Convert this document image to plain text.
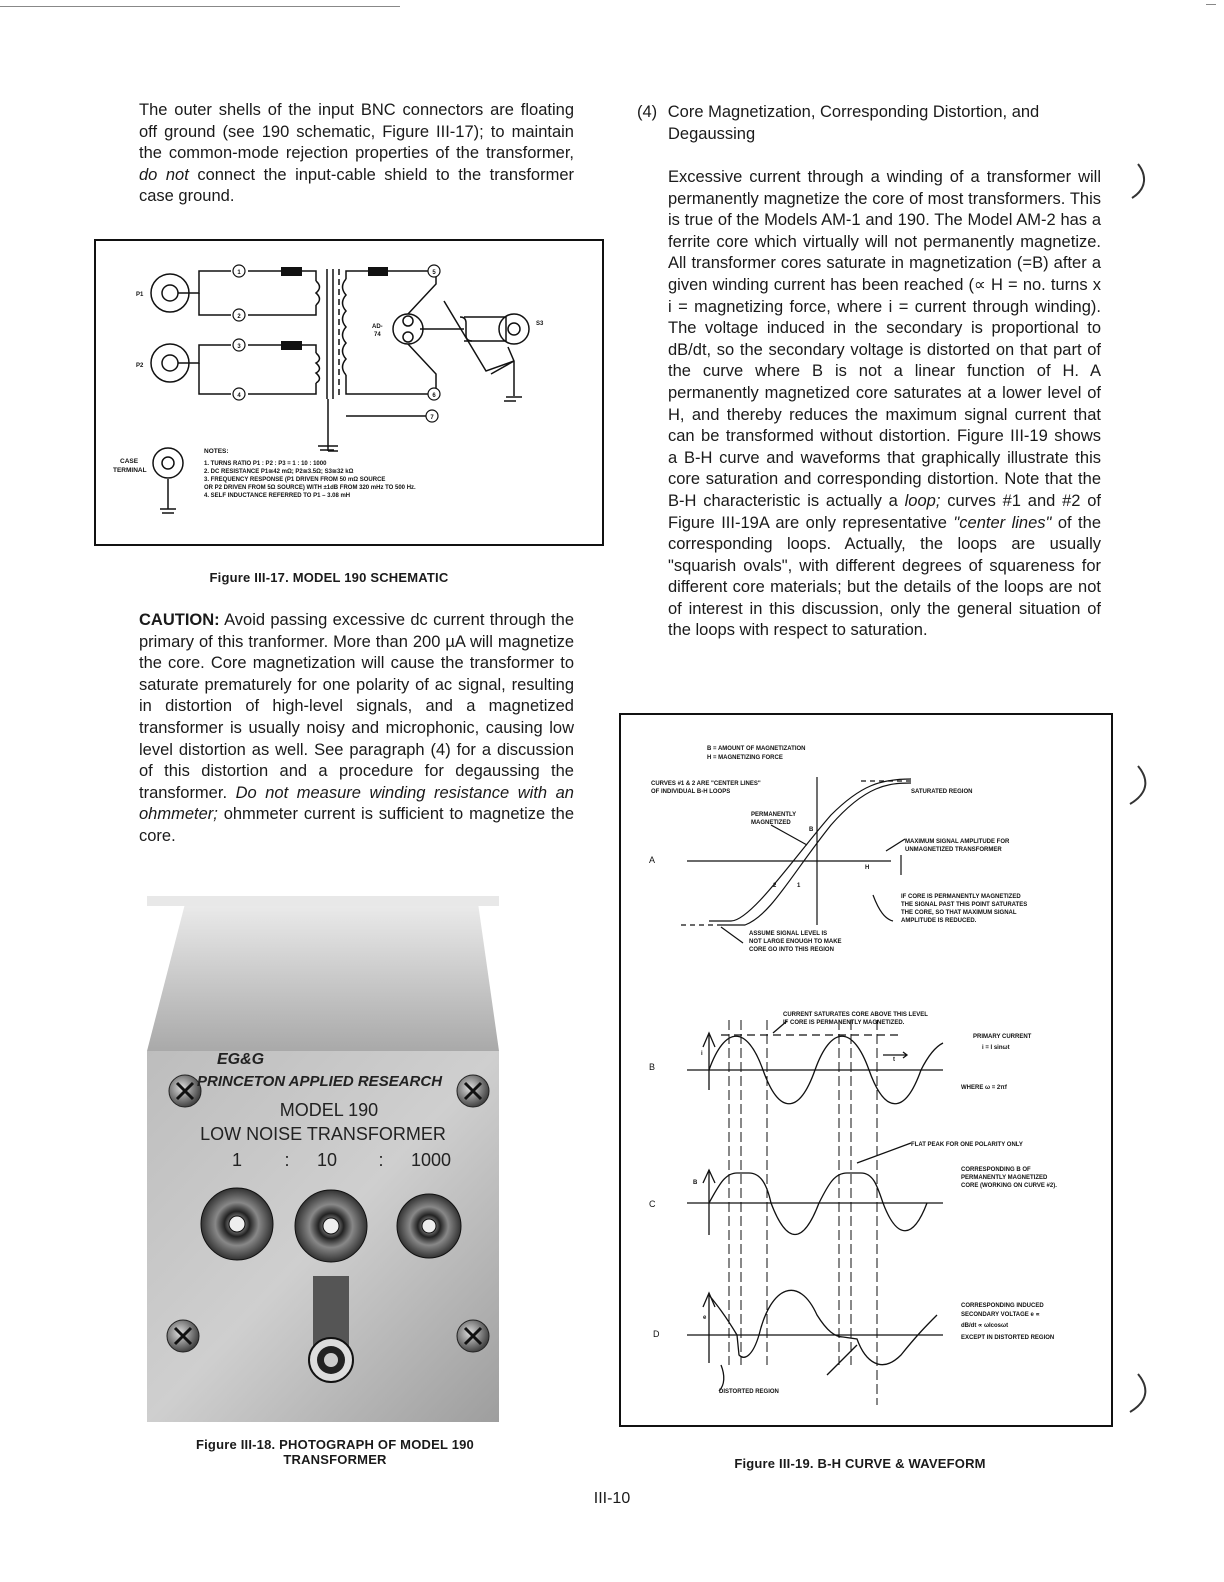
The outer shells of the input BNC connectors are floating off ground (see 190 schematic, Figure III-17); to maintain the common-mode rejection properties of the transformer, do not connect the input-cable shield to the transformer case ground.
1
2
3
4
5
6
7
P1
P2
S3
AD-
74
CASE
TERMINAL
NOTES:
1. TURNS RATIO P1 : P2 : P3 = 1 : 10 : 1000
2. DC RESISTANCE P1≅42 mΩ; P2≅3.5Ω; S3≅32 kΩ
3. FREQUENCY RESPONSE (P1 DRIVEN FROM 50 mΩ SOURCE
OR P2 DRIVEN FROM 5Ω SOURCE) WITH ±1dB FROM 320 mHz TO 500 Hz.
4. SELF INDUCTANCE REFERRED TO P1 – 3.08 mH
Figure III-17. MODEL 190 SCHEMATIC
CAUTION: Avoid passing excessive dc current through the primary of this tranformer. More than 200 µA will magnetize the core. Core magnetization will cause the transformer to saturate prematurely for one polarity of ac signal, resulting in distortion of high-level signals, and a magnetized transformer is usually noisy and microphonic, causing low level distortion as well. See paragraph (4) for a discussion of this distortion and a procedure for degaussing the transformer. Do not measure winding resistance with an ohmmeter; ohmmeter current is sufficient to magnetize the core.
EG&G
PRINCETON APPLIED RESEARCH
MODEL 190
LOW NOISE TRANSFORMER
1 : 10 : 1000
Figure III-18. PHOTOGRAPH OF MODEL 190
TRANSFORMER
(4) Core Magnetization, Corresponding Distortion, and
Degaussing
Excessive current through a winding of a transformer will permanently magnetize the core of most transformers. This is true of the Models AM-1 and 190. The Model AM-2 has a ferrite core which virtually will not permanently magnetize. All transformer cores saturate in magnetization (=B) after a given winding current has been reached (∝ H = no. turns x i = magnetizing force, where i = current through winding). The voltage induced in the secondary is proportional to dB/dt, so the secondary voltage is distorted on that part of the curve where B is not a linear function of H. A permanently magnetized core saturates at a lower level of H, and thereby reduces the maximum signal current that can be transformed without distortion. Figure III-19 shows a B-H curve and waveforms that graphically illustrate this core saturation and corresponding distortion. Note that the B-H characteristic is actually a loop; curves #1 and #2 of Figure III-19A are only representative "center lines" of the corresponding loops. Actually, the loops are usually "squarish ovals", with different degrees of squareness for different core materials; but the details of the loops are not of interest in this discussion, only the general situation of the loops with respect to saturation.
B = AMOUNT OF MAGNETIZATION
H = MAGNETIZING FORCE
CURVES #1 & 2 ARE "CENTER LINES"
OF INDIVIDUAL B-H LOOPS	SATURATED REGION
PERMANENTLY
MAGNETIZED
MAXIMUM SIGNAL AMPLITUDE FOR
UNMAGNETIZED TRANSFORMER
IF CORE IS PERMANENTLY MAGNETIZED
THE SIGNAL PAST THIS POINT SATURATES
THE CORE, SO THAT MAXIMUM SIGNAL
AMPLITUDE IS REDUCED.
ASSUME SIGNAL LEVEL IS
NOT LARGE ENOUGH TO MAKE
CORE GO INTO THIS REGION
CURRENT SATURATES CORE ABOVE THIS LEVEL
IF CORE IS PERMANENTLY MAGNETIZED.
PRIMARY CURRENT
WHERE ω = 2πf
FLAT PEAK FOR ONE POLARITY ONLY
CORRESPONDING B OF
PERMANENTLY MAGNETIZED
CORE (WORKING ON CURVE #2).
CORRESPONDING INDUCED
SECONDARY VOLTAGE e ∝
dB/dt ∝ ωIcosωt
EXCEPT IN DISTORTED REGION
DISTORTED REGION
i = I sinωt
A
B
C
D
B
H
1
2
t
i
B
e
Figure III-19. B-H CURVE & WAVEFORM
III-10
